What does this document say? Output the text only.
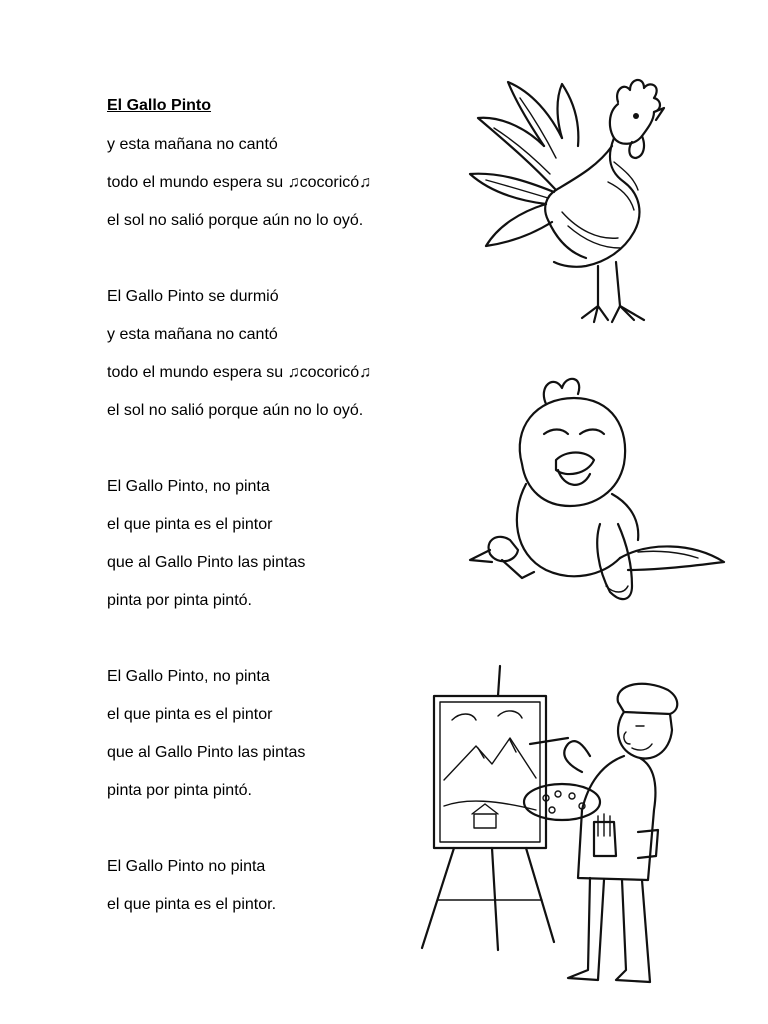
El Gallo Pinto

y esta mañana no cantó

todo el mundo espera su ♫cocoricó♫

el sol no salió porque aún no lo oyó.

El Gallo Pinto se durmió

y esta mañana no cantó

todo el mundo espera su ♫cocoricó♫

el sol no salió porque aún no lo oyó.

El Gallo Pinto, no pinta

el que pinta es el pintor

que al Gallo Pinto las pintas

pinta por pinta pintó.

El Gallo Pinto, no pinta

el que pinta es el pintor

que al Gallo Pinto las pintas

pinta por pinta pintó.

El Gallo Pinto no pinta

el que pinta es el pintor.
